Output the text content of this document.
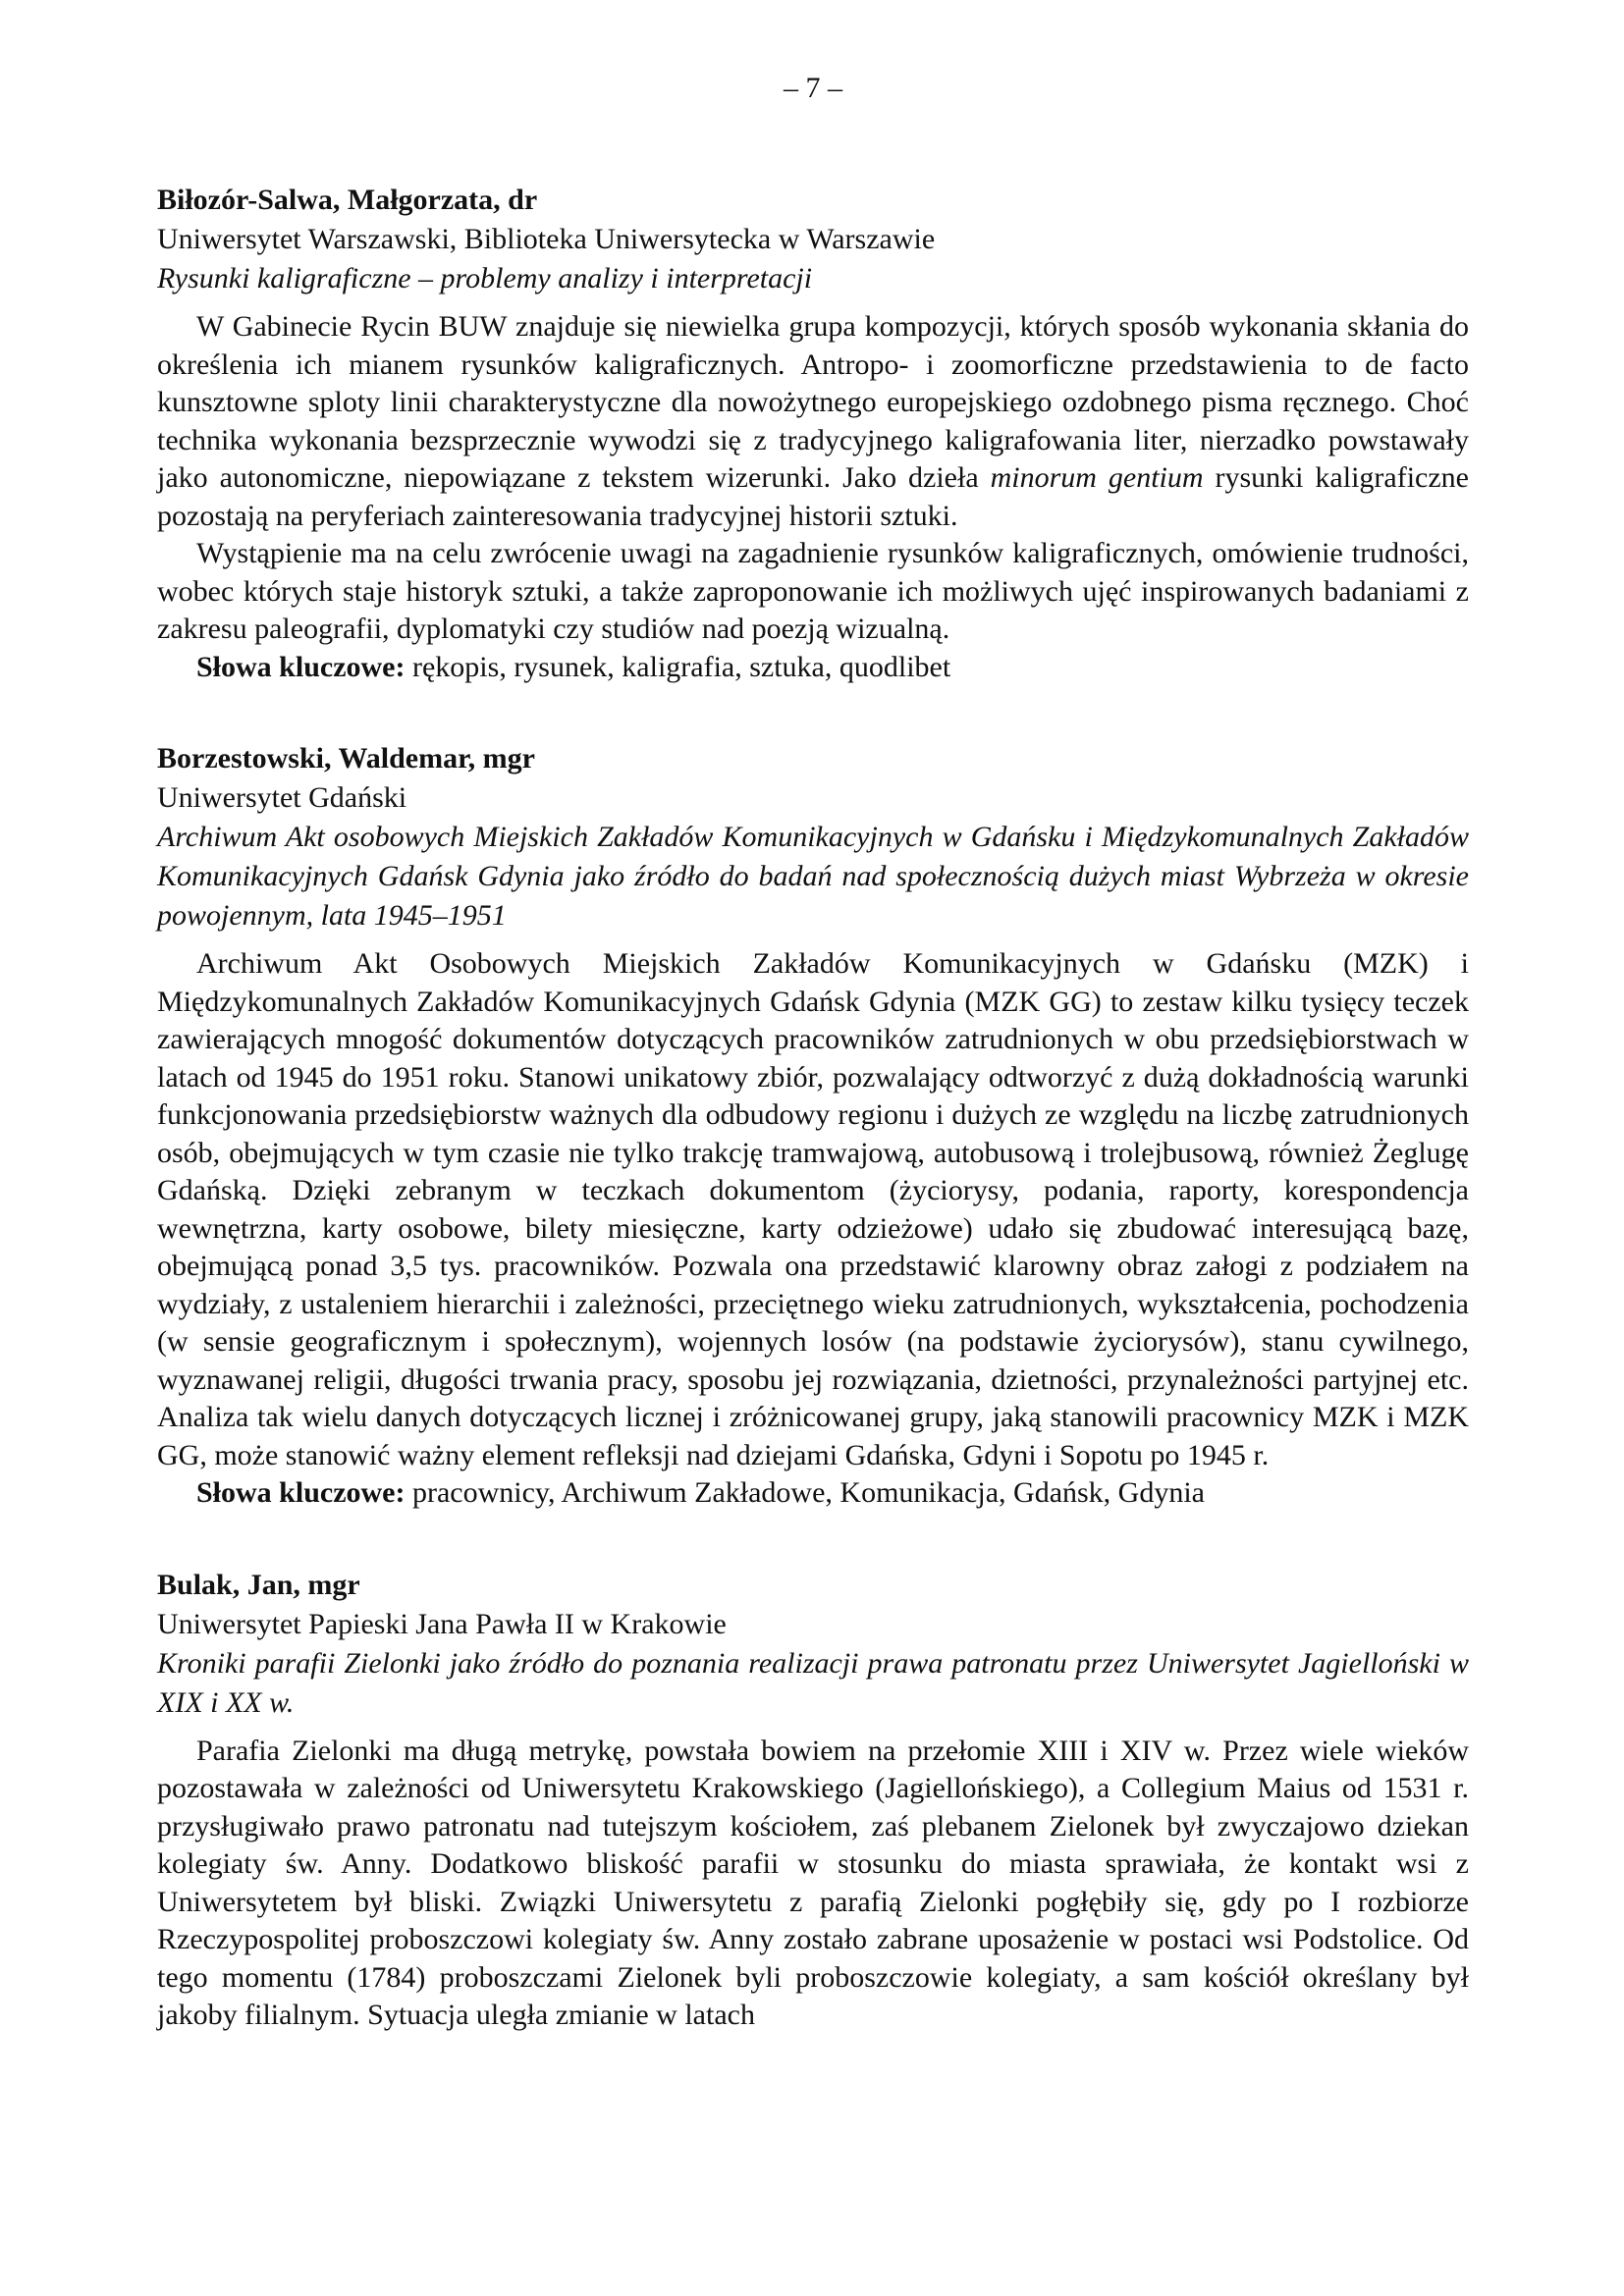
– 7 –
Biłozór-Salwa, Małgorzata, dr
Uniwersytet Warszawski, Biblioteka Uniwersytecka w Warszawie
Rysunki kaligraficzne – problemy analizy i interpretacji
W Gabinecie Rycin BUW znajduje się niewielka grupa kompozycji, których sposób wykonania skłania do określenia ich mianem rysunków kaligraficznych. Antropo- i zoomorficzne przedstawienia to de facto kunsztowne sploty linii charakterystyczne dla nowożytnego europejskiego ozdobnego pisma ręcznego. Choć technika wykonania bezsprzecznie wywodzi się z tradycyjnego kaligrafowania liter, nierzadko powstawały jako autonomiczne, niepowiązane z tekstem wizerunki. Jako dzieła minorum gentium rysunki kaligraficzne pozostają na peryferiach zainteresowania tradycyjnej historii sztuki.
Wystąpienie ma na celu zwrócenie uwagi na zagadnienie rysunków kaligraficznych, omówienie trudności, wobec których staje historyk sztuki, a także zaproponowanie ich możliwych ujęć inspirowanych badaniami z zakresu paleografii, dyplomatyki czy studiów nad poezją wizualną.
Słowa kluczowe: rękopis, rysunek, kaligrafia, sztuka, quodlibet
Borzestowski, Waldemar, mgr
Uniwersytet Gdański
Archiwum Akt osobowych Miejskich Zakładów Komunikacyjnych w Gdańsku i Międzykomunalnych Zakładów Komunikacyjnych Gdańsk Gdynia jako źródło do badań nad społecznością dużych miast Wybrzeża w okresie powojennym, lata 1945–1951
Archiwum Akt Osobowych Miejskich Zakładów Komunikacyjnych w Gdańsku (MZK) i Międzykomunalnych Zakładów Komunikacyjnych Gdańsk Gdynia (MZK GG) to zestaw kilku tysięcy teczek zawierających mnogość dokumentów dotyczących pracowników zatrudnionych w obu przedsiębiorstwach w latach od 1945 do 1951 roku. Stanowi unikatowy zbiór, pozwalający odtworzyć z dużą dokładnością warunki funkcjonowania przedsiębiorstw ważnych dla odbudowy regionu i dużych ze względu na liczbę zatrudnionych osób, obejmujących w tym czasie nie tylko trakcję tramwajową, autobusową i trolejbusową, również Żeglugę Gdańską. Dzięki zebranym w teczkach dokumentom (życiorysy, podania, raporty, korespondencja wewnętrzna, karty osobowe, bilety miesięczne, karty odzieżowe) udało się zbudować interesującą bazę, obejmującą ponad 3,5 tys. pracowników. Pozwala ona przedstawić klarowny obraz załogi z podziałem na wydziały, z ustaleniem hierarchii i zależności, przeciętnego wieku zatrudnionych, wykształcenia, pochodzenia (w sensie geograficznym i społecznym), wojennych losów (na podstawie życiorysów), stanu cywilnego, wyznawanej religii, długości trwania pracy, sposobu jej rozwiązania, dzietności, przynależności partyjnej etc. Analiza tak wielu danych dotyczących licznej i zróżnicowanej grupy, jaką stanowili pracownicy MZK i MZK GG, może stanowić ważny element refleksji nad dziejami Gdańska, Gdyni i Sopotu po 1945 r.
Słowa kluczowe: pracownicy, Archiwum Zakładowe, Komunikacja, Gdańsk, Gdynia
Bulak, Jan, mgr
Uniwersytet Papieski Jana Pawła II w Krakowie
Kroniki parafii Zielonki jako źródło do poznania realizacji prawa patronatu przez Uniwersytet Jagielloński w XIX i XX w.
Parafia Zielonki ma długą metrykę, powstała bowiem na przełomie XIII i XIV w. Przez wiele wieków pozostawała w zależności od Uniwersytetu Krakowskiego (Jagiellońskiego), a Collegium Maius od 1531 r. przysługiwało prawo patronatu nad tutejszym kościołem, zaś plebanem Zielonek był zwyczajowo dziekan kolegiaty św. Anny. Dodatkowo bliskość parafii w stosunku do miasta sprawiała, że kontakt wsi z Uniwersytetem był bliski. Związki Uniwersytetu z parafią Zielonki pogłębiły się, gdy po I rozbiorze Rzeczypospolitej proboszczowi kolegiaty św. Anny zostało zabrane uposażenie w postaci wsi Podstolice. Od tego momentu (1784) proboszczami Zielonek byli proboszczowie kolegiaty, a sam kościół określany był jakoby filialnym. Sytuacja uległa zmianie w latach
